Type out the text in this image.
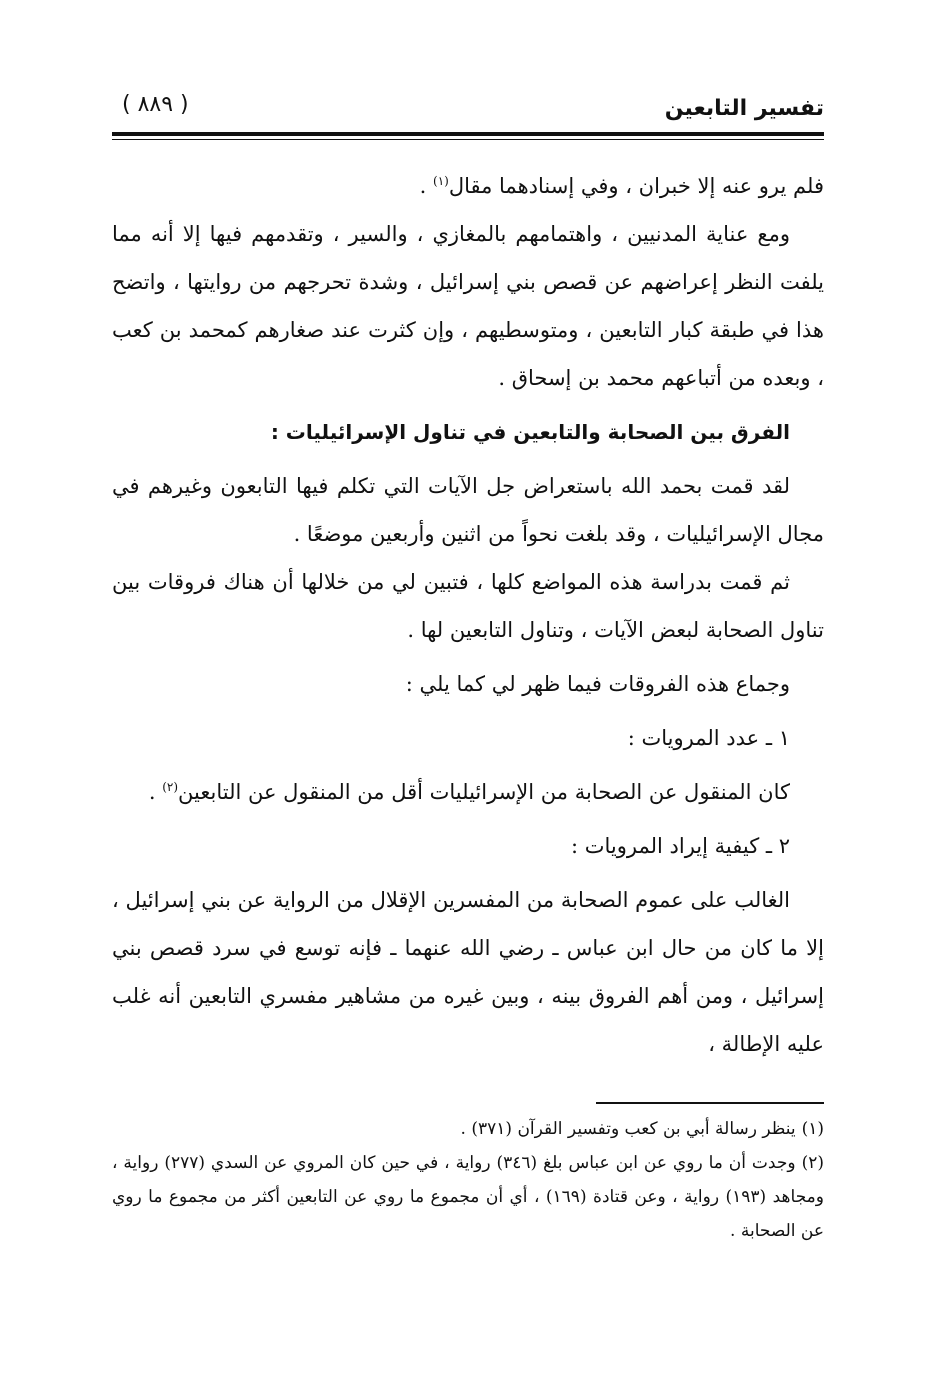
تفسير التابعين
( ٨٨٩ )

فلم يرو عنه إلا خبران ، وفي إسنادهما مقال$^{(١)}$ .

ومع عناية المدنيين ، واهتمامهم بالمغازي ، والسير ، وتقدمهم فيها إلا أنه مما يلفت النظر إعراضهم عن قصص بني إسرائيل ، وشدة تحرجهم من روايتها ، واتضح هذا في طبقة كبار التابعين ، ومتوسطيهم ، وإن كثرت عند صغارهم كمحمد بن كعب ، وبعده من أتباعهم محمد بن إسحاق .

الفرق بين الصحابة والتابعين في تناول الإسرائيليات :

لقد قمت بحمد الله باستعراض جل الآيات التي تكلم فيها التابعون وغيرهم في مجال الإسرائيليات ، وقد بلغت نحواً من اثنين وأربعين موضعًا .

ثم قمت بدراسة هذه المواضع كلها ، فتبين لي من خلالها أن هناك فروقات بين تناول الصحابة لبعض الآيات ، وتناول التابعين لها .

وجماع هذه الفروقات فيما ظهر لي كما يلي :

١ ـ عدد المرويات :

كان المنقول عن الصحابة من الإسرائيليات أقل من المنقول عن التابعين$^{(٢)}$ .

٢ ـ كيفية إيراد المرويات :

الغالب على عموم الصحابة من المفسرين الإقلال من الرواية عن بني إسرائيل ، إلا ما كان من حال ابن عباس ـ رضي الله عنهما ـ فإنه توسع في سرد قصص بني إسرائيل ، ومن أهم الفروق بينه ، وبين غيره من مشاهير مفسري التابعين أنه غلب عليه الإطالة ،

(١)ينظر رسالة أبي بن كعب وتفسير القرآن (٣٧١) .

(٢)وجدت أن ما روي عن ابن عباس بلغ (٣٤٦) رواية ، في حين كان المروي عن السدي (٢٧٧) رواية ، ومجاهد (١٩٣) رواية ، وعن قتادة (١٦٩) ، أي أن مجموع ما روي عن التابعين أكثر من مجموع ما روي عن الصحابة .
